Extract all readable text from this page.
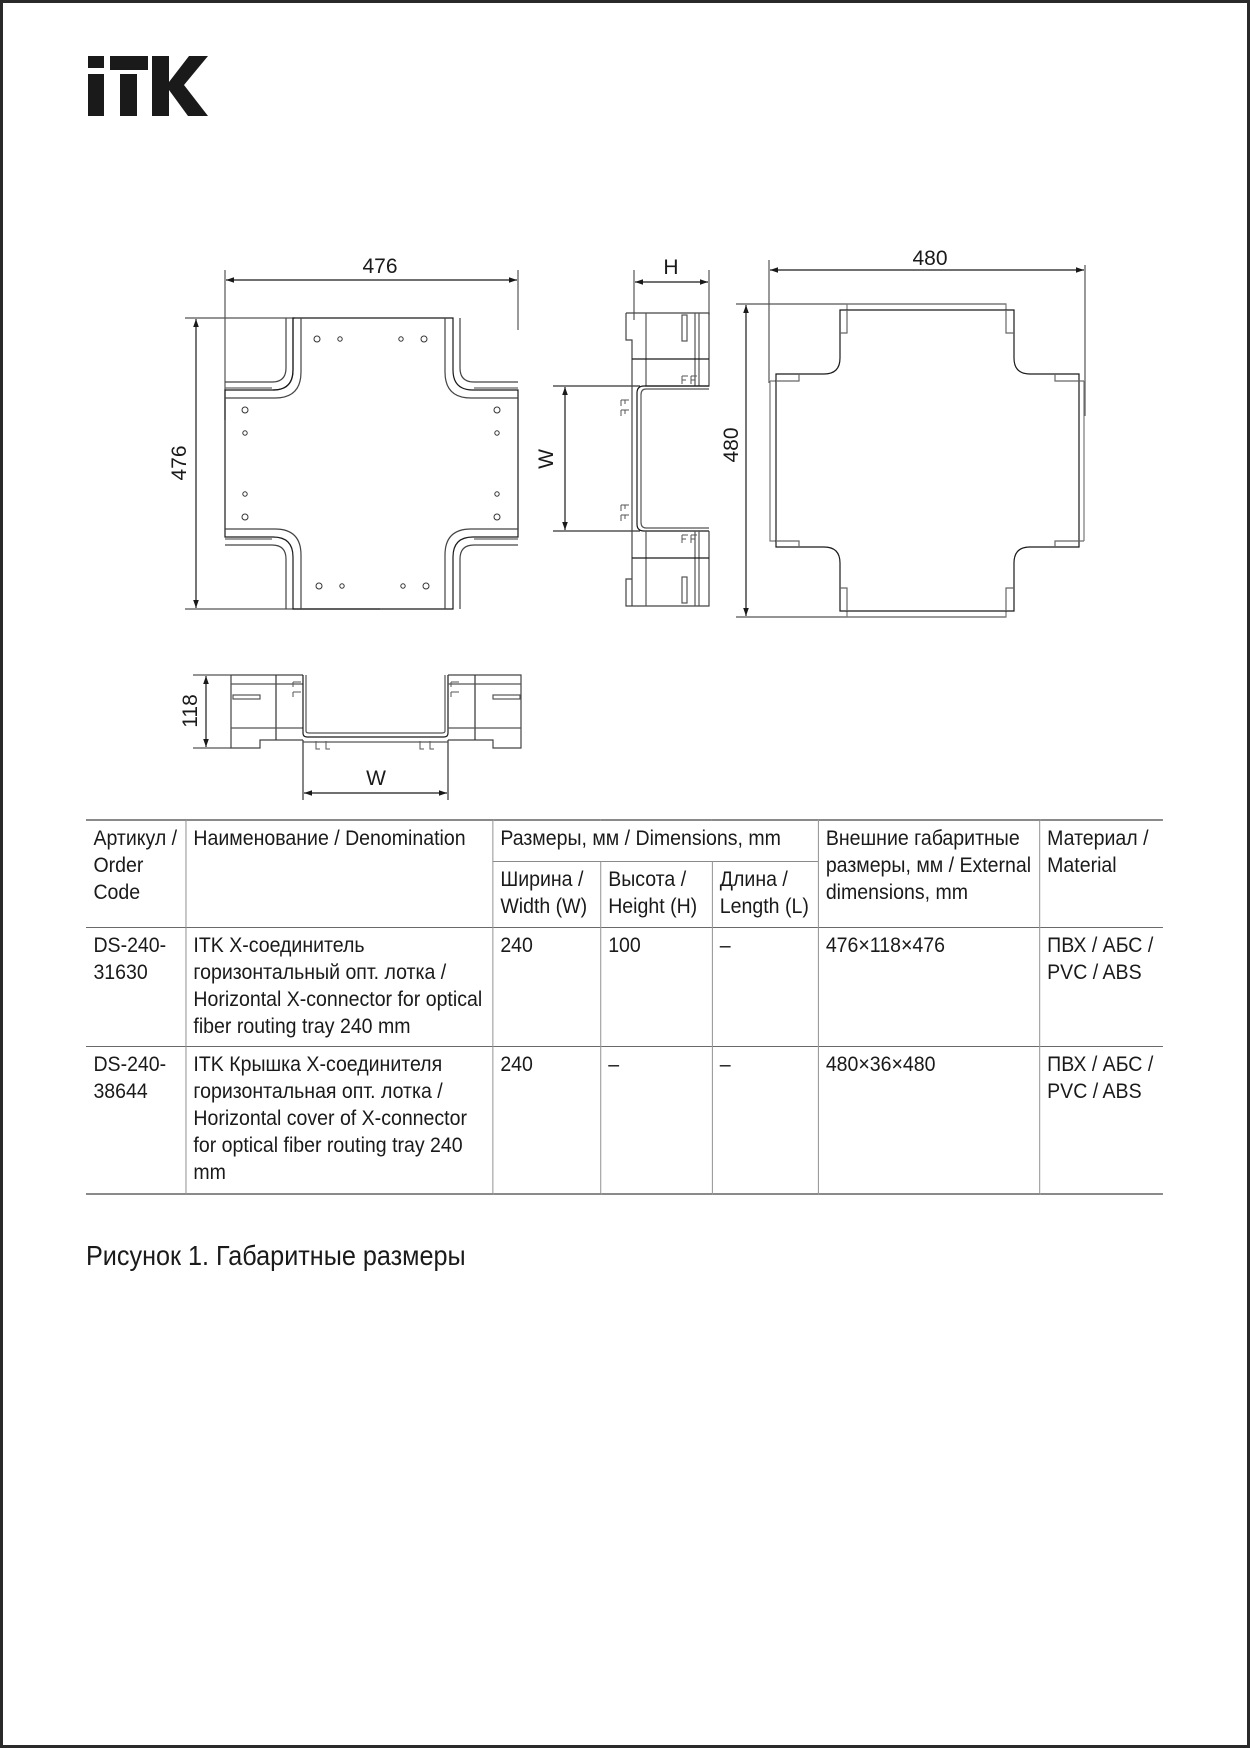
476
476
H
W
480
480
118
W
Артикул / Order Code	Наименование / Denomination	Размеры, мм / Dimensions, mm			Внешние габаритные размеры, мм / External dimensions, mm	Материал / Material
		Ширина / Width (W)	Высота / Height (H)	Длина / Length (L)		
DS-240-31630	ITK Х-соединитель горизонтальный опт. лотка / Horizontal X-connector for optical fiber routing tray 240 mm	240	100	–	476×118×476	ПВХ / АБС / PVC / ABS
DS-240-38644	ITK Крышка Х-соединителя горизонтальная опт. лотка / Horizontal cover of X-connector for optical fiber routing tray 240 mm	240	–	–	480×36×480	ПВХ / АБС / PVC / ABS
Рисунок 1. Габаритные размеры
